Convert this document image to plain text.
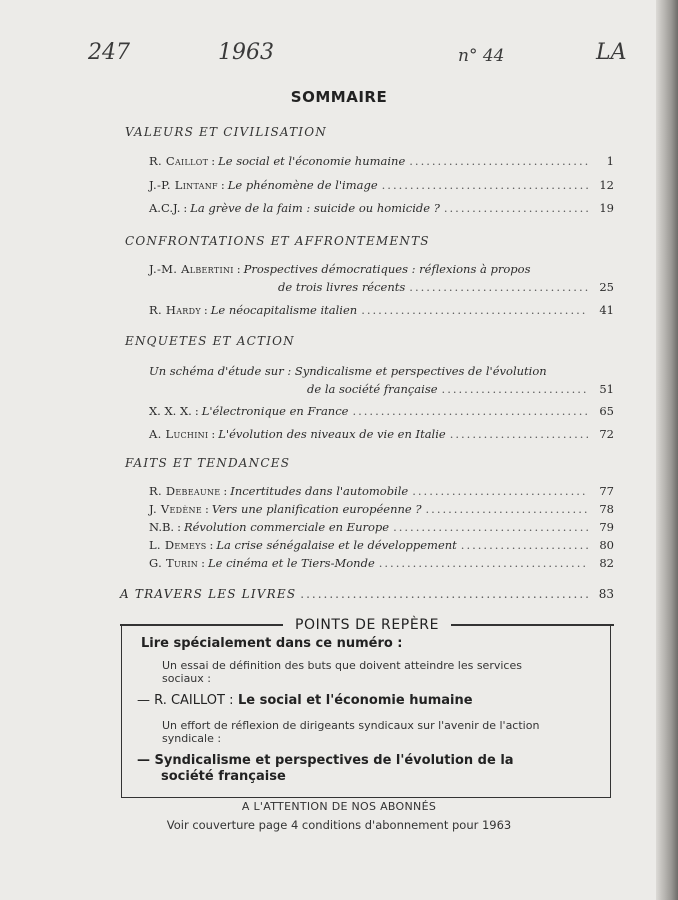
247	1963	n° 44	LA
SOMMAIRE
VALEURS ET CIVILISATION
R. Caillot : Le social et l'économie humaine .....	1
J.-P. Lintanf : Le phénomène de l'image .....	12
A.C.J. : La grève de la faim : suicide ou homicide ? .....	19
CONFRONTATIONS ET AFFRONTEMENTS
J.-M. Albertini : Prospectives démocratiques : réflexions à propos
de trois livres récents .....	25
R. Hardy : Le néocapitalisme italien .....	41
ENQUETES ET ACTION
Un schéma d'étude sur : Syndicalisme et perspectives de l'évolution
de la société française .....	51
X. X. X. : L'électronique en France .....	65
A. Luchini : L'évolution des niveaux de vie en Italie .....	72
FAITS ET TENDANCES
R. Debeaune : Incertitudes dans l'automobile .....	77
J. Vedène : Vers une planification européenne ? .....	78
N.B. : Révolution commerciale en Europe .....	79
L. Demeys : La crise sénégalaise et le développement .....	80
G. Turin : Le cinéma et le Tiers-Monde .....	82
A TRAVERS LES LIVRES .....	83
POINTS DE REPÈRE
Lire spécialement dans ce numéro :
Un essai de définition des buts que doivent atteindre les services
sociaux :
— R. CAILLOT : Le social et l'économie humaine
Un effort de réflexion de dirigeants syndicaux sur l'avenir de l'action
syndicale :
— Syndicalisme et perspectives de l'évolution de la
société française
A L'ATTENTION DE NOS ABONNÉS
Voir couverture page 4 conditions d'abonnement pour 1963
